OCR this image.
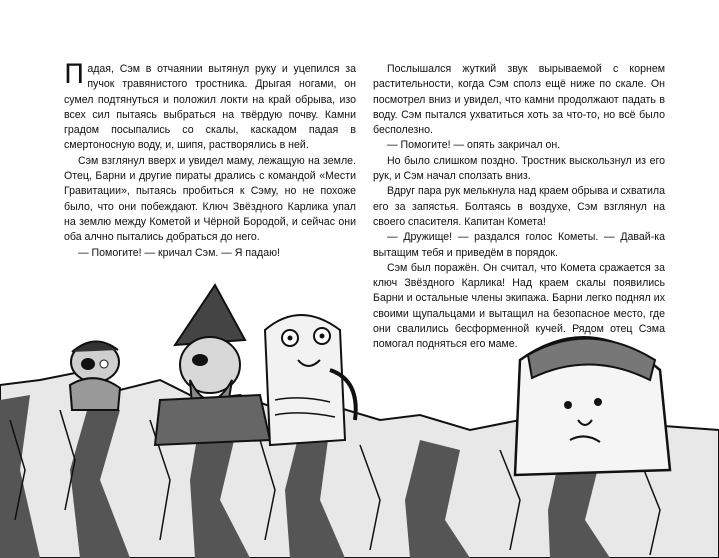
Падая, Сэм в отчаянии вытянул руку и уцепился за пучок травянистого тростника. Дрыгая ногами, он сумел подтянуться и положил локти на край обрыва, изо всех сил пытаясь выбраться на твёрдую почву. Камни градом посыпались со скалы, каскадом падая в смертоносную воду, и, шипя, растворялись в ней.

Сэм взглянул вверх и увидел маму, лежащую на земле. Отец, Барни и другие пираты дрались с командой «Мести Гравитации», пытаясь пробиться к Сэму, но не похоже было, что они побеждают. Ключ Звёздного Карлика упал на землю между Кометой и Чёрной Бородой, и сейчас они оба алчно пытались добраться до него.

— Помогите! — кричал Сэм. — Я падаю!

Послышался жуткий звук вырываемой с корнем растительности, когда Сэм сполз ещё ниже по скале. Он посмотрел вниз и увидел, что камни продолжают падать в воду. Сэм пытался ухватиться хоть за что-то, но всё было бесполезно.

— Помогите! — опять закричал он.

Но было слишком поздно. Тростник выскользнул из его рук, и Сэм начал сползать вниз.

Вдруг пара рук мелькнула над краем обрыва и схватила его за запястья. Болтаясь в воздухе, Сэм взглянул на своего спасителя. Капитан Комета!

— Дружище! — раздался голос Кометы. — Давай-ка вытащим тебя и приведём в порядок.

Сэм был поражён. Он считал, что Комета сражается за ключ Звёздного Карлика! Над краем скалы появились Барни и остальные члены экипажа. Барни легко поднял их своими щупальцами и вытащил на безопасное место, где они свалились бесформенной кучей. Рядом отец Сэма помогал подняться его маме.
